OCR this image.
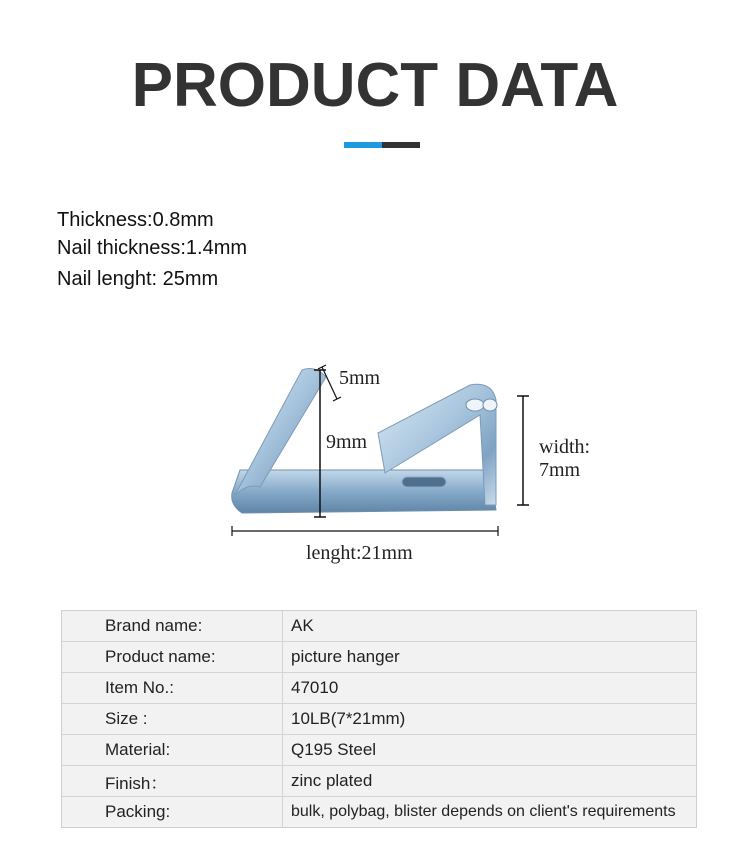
PRODUCT DATA
Thickness:0.8mm
Nail thickness:1.4mm
Nail lenght: 25mm
5mm
9mm	width:
7mm
lenght:21mm
Brand name:	AK
Product name:	picture hanger
Item No.:	47010
Size :	10LB(7*21mm)
Material:	Q195 Steel
Finish：	zinc plated
Packing:	bulk, polybag, blister depends on client's requirements
